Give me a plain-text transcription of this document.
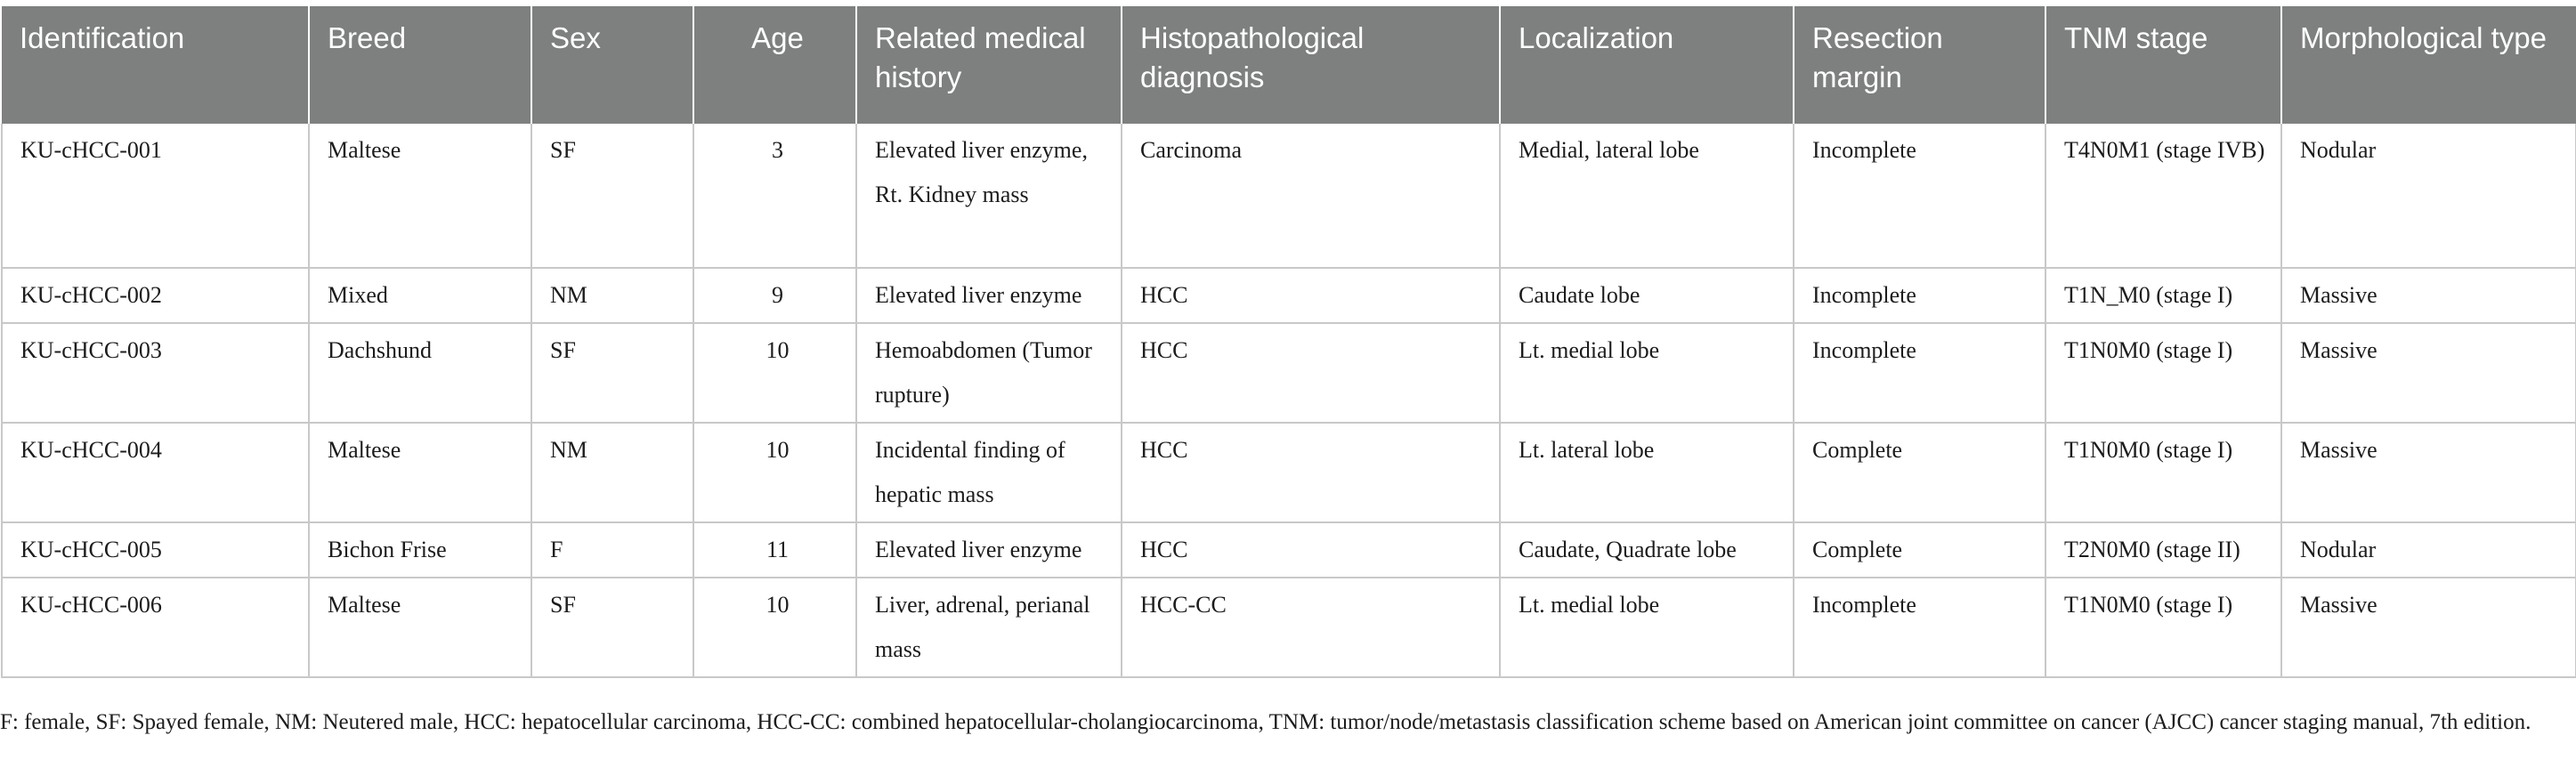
Identification	Breed	Sex	Age	Related medical history	Histopathological diagnosis	Localization	Resection margin	TNM stage	Morphological type
KU-cHCC-001	Maltese	SF	3	Elevated liver enzyme, Rt. Kidney mass	Carcinoma	Medial, lateral lobe	Incomplete	T4N0M1 (stage IVB)	Nodular
KU-cHCC-002	Mixed	NM	9	Elevated liver enzyme	HCC	Caudate lobe	Incomplete	T1N_M0 (stage I)	Massive
KU-cHCC-003	Dachshund	SF	10	Hemoabdomen (Tumor rupture)	HCC	Lt. medial lobe	Incomplete	T1N0M0 (stage I)	Massive
KU-cHCC-004	Maltese	NM	10	Incidental finding of hepatic mass	HCC	Lt. lateral lobe	Complete	T1N0M0 (stage I)	Massive
KU-cHCC-005	Bichon Frise	F	11	Elevated liver enzyme	HCC	Caudate, Quadrate lobe	Complete	T2N0M0 (stage II)	Nodular
KU-cHCC-006	Maltese	SF	10	Liver, adrenal, perianal mass	HCC-CC	Lt. medial lobe	Incomplete	T1N0M0 (stage I)	Massive
F: female, SF: Spayed female, NM: Neutered male, HCC: hepatocellular carcinoma, HCC-CC: combined hepatocellular-cholangiocarcinoma, TNM: tumor/node/metastasis classification scheme based on American joint committee on cancer (AJCC) cancer staging manual, 7th edition.
